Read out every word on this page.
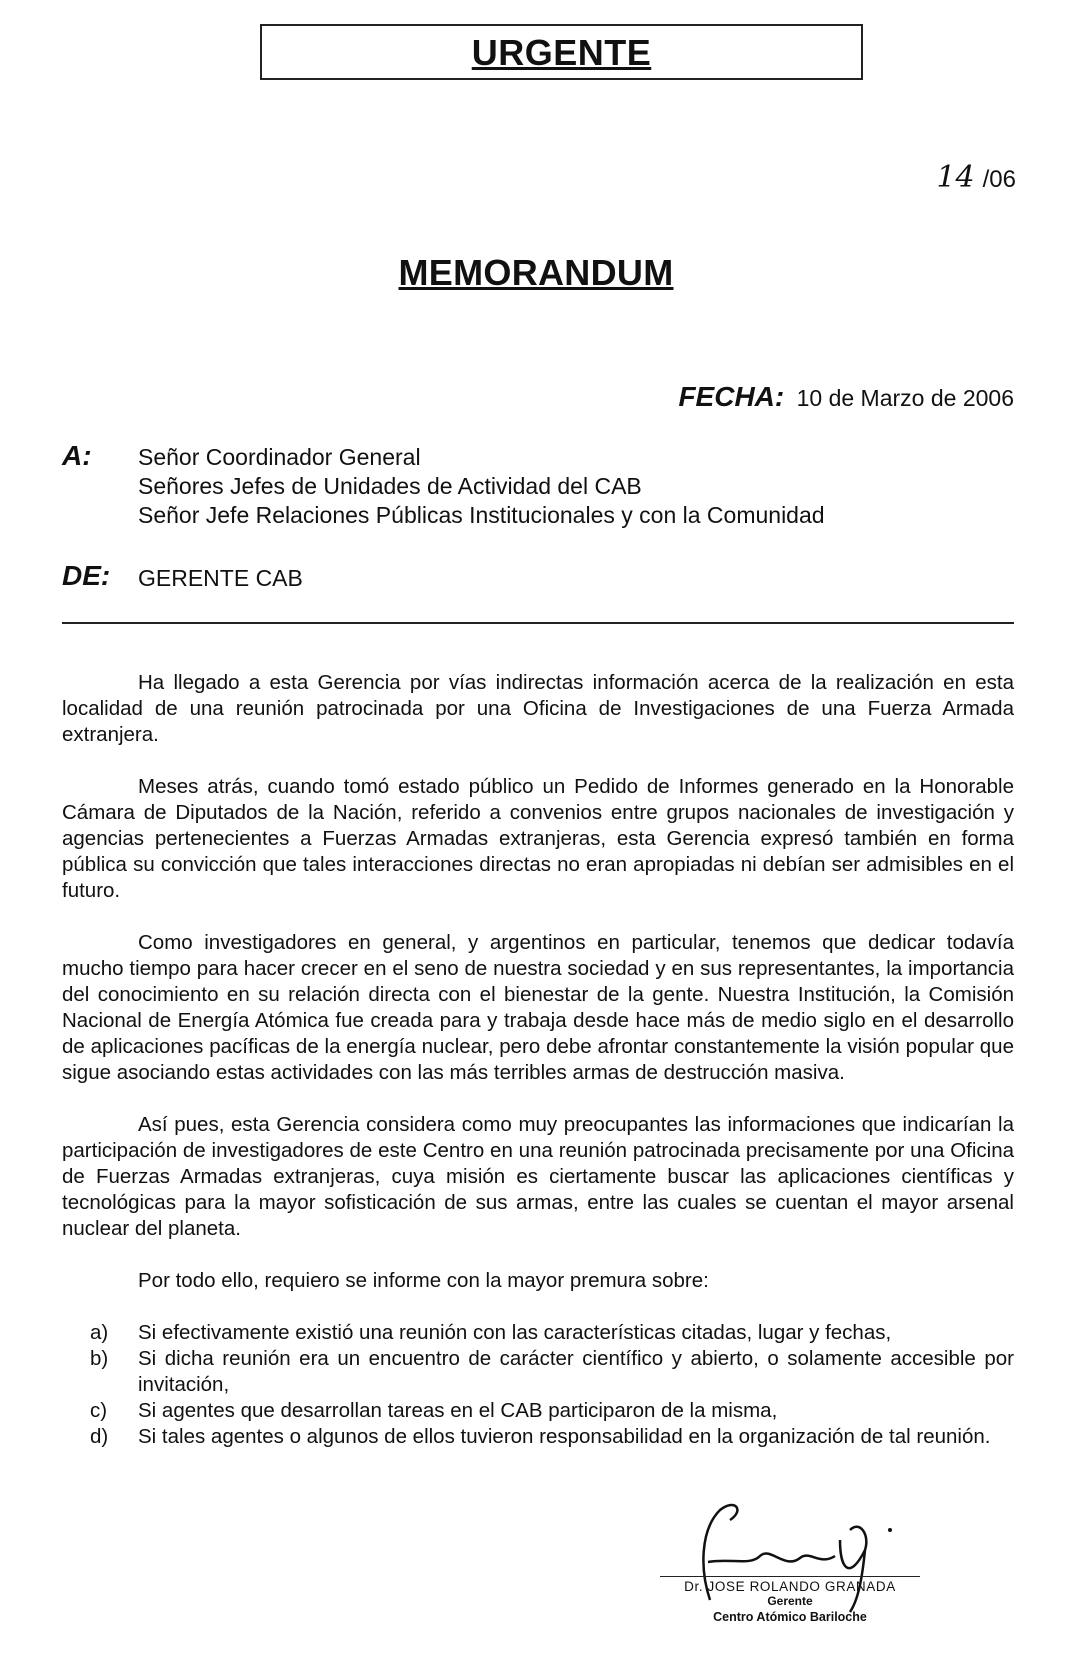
URGENTE
14 /06
MEMORANDUM
FECHA: 10 de Marzo de 2006
A: Señor Coordinador General
Señores Jefes de Unidades de Actividad del CAB
Señor Jefe Relaciones Públicas Institucionales y con la Comunidad
DE: GERENTE CAB

Ha llegado a esta Gerencia por vías indirectas información acerca de la realización en esta localidad de una reunión patrocinada por una Oficina de Investigaciones de una Fuerza Armada extranjera.

Meses atrás, cuando tomó estado público un Pedido de Informes generado en la Honorable Cámara de Diputados de la Nación, referido a convenios entre grupos nacionales de investigación y agencias pertenecientes a Fuerzas Armadas extranjeras, esta Gerencia expresó también en forma pública su convicción que tales interacciones directas no eran apropiadas ni debían ser admisibles en el futuro.

Como investigadores en general, y argentinos en particular, tenemos que dedicar todavía mucho tiempo para hacer crecer en el seno de nuestra sociedad y en sus representantes, la importancia del conocimiento en su relación directa con el bienestar de la gente. Nuestra Institución, la Comisión Nacional de Energía Atómica fue creada para y trabaja desde hace más de medio siglo en el desarrollo de aplicaciones pacíficas de la energía nuclear, pero debe afrontar constantemente la visión popular que sigue asociando estas actividades con las más terribles armas de destrucción masiva.

Así pues, esta Gerencia considera como muy preocupantes las informaciones que indicarían la participación de investigadores de este Centro en una reunión patrocinada precisamente por una Oficina de Fuerzas Armadas extranjeras, cuya misión es ciertamente buscar las aplicaciones científicas y tecnológicas para la mayor sofisticación de sus armas, entre las cuales se cuentan el mayor arsenal nuclear del planeta.

Por todo ello, requiero se informe con la mayor premura sobre:

a) Si efectivamente existió una reunión con las características citadas, lugar y fechas,
b) Si dicha reunión era un encuentro de carácter científico y abierto, o solamente accesible por invitación,
c) Si agentes que desarrollan tareas en el CAB participaron de la misma,
d) Si tales agentes o algunos de ellos tuvieron responsabilidad en la organización de tal reunión.
Dr. JOSE ROLANDO GRANADA
Gerente
Centro Atómico Bariloche
